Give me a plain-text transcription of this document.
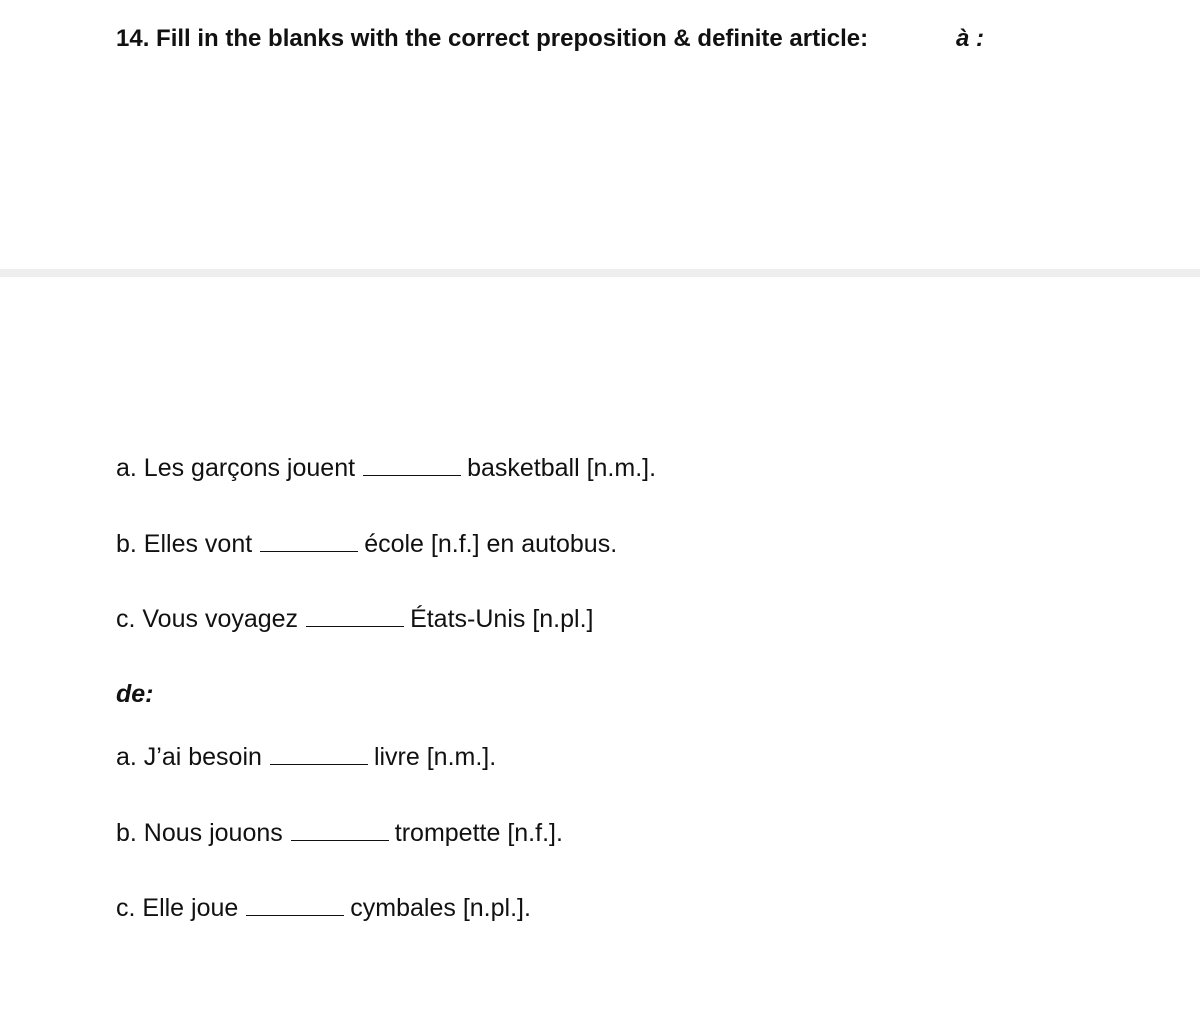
14. Fill in the blanks with the correct preposition & definite article:	à :
a. Les garçons jouent	basketball [n.m.].
b. Elles vont	école [n.f.] en autobus.
c. Vous voyagez	États-Unis [n.pl.]
de:
a. J’ai besoin	livre [n.m.].
b. Nous jouons	trompette [n.f.].
c. Elle joue	cymbales [n.pl.].
